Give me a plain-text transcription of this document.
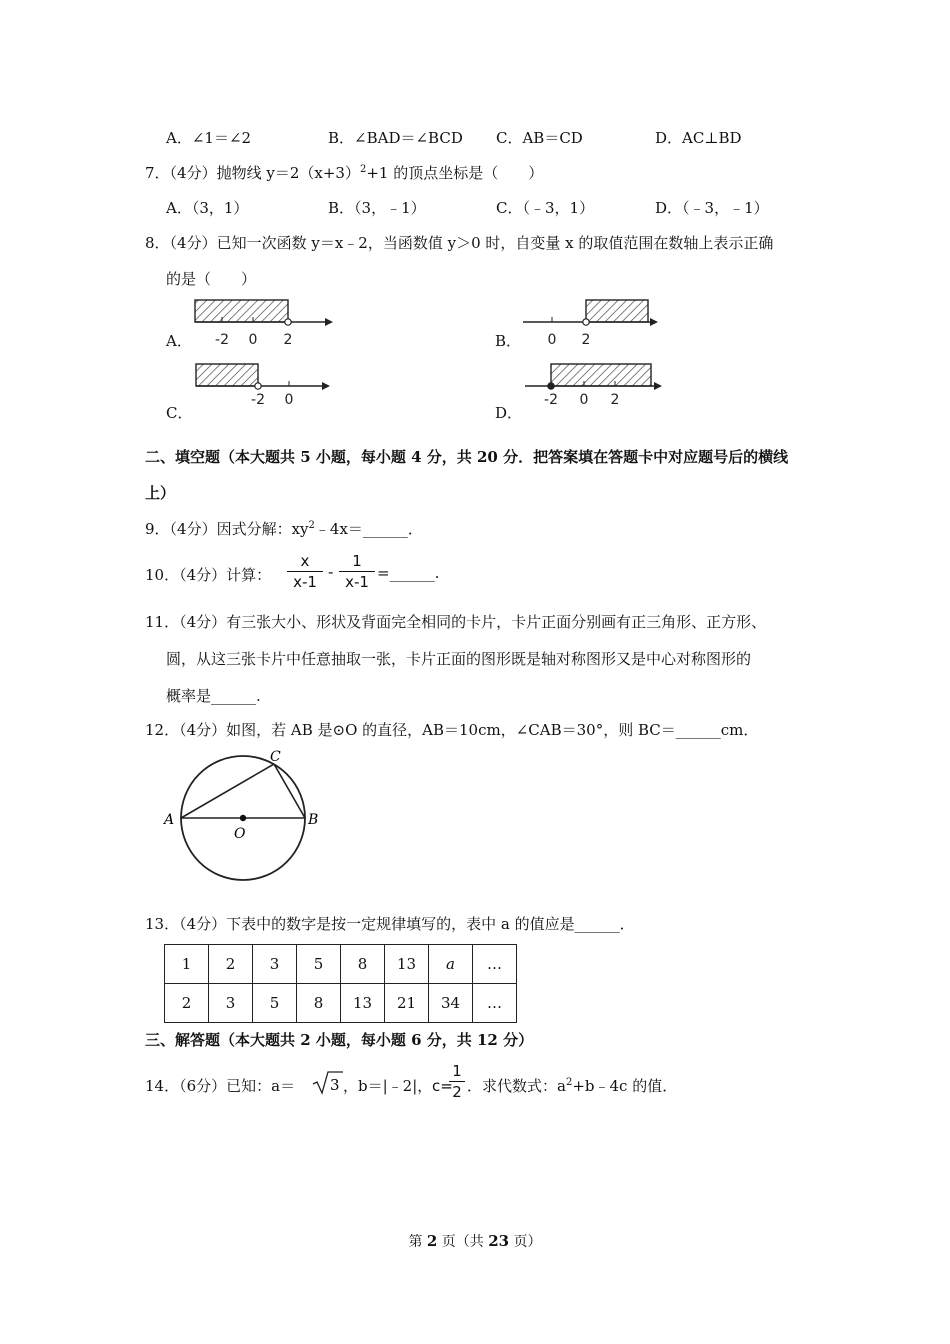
A．∠1＝∠2	B．∠BAD＝∠BCD C．AB＝CD	D．AC⊥BD
7．（4分）抛物线 $y=2(x+3)^2+1$ 的顶点坐标是（　　）
A．（3，1）	B．（3，﹣1）	C．（﹣3，1）	D．（﹣3，﹣1）
8．（4分）已知一次函数 y＝x﹣2，当函数值 y＞0 时，自变量 x 的取值范围在数轴上表示正确
的是（　　）
A． -2 0 2	B． 0 2
C．
-2 0
D．
-2 0 2
二、填空题（本大题共 5 小题，每小题 4 分，共 20 分．把答案填在答题卡中对应题号后的横线
上）
9．（4分）因式分解：$xy^2﹣4x=\_\_\_\_\_\_$．
10．（4分）计算： $\frac{x}{x-1} - \frac{1}{x-1}$ =______.
11．（4分）有三张大小、形状及背面完全相同的卡片，卡片正面分别画有正三角形、正方形、
圆，从这三张卡片中任意抽取一张，卡片正面的图形既是轴对称图形又是中心对称图形的
概率是______.
12．（4分）如图，若 AB 是⊙O 的直径，AB＝10cm，∠CAB＝30°，则 BC＝______cm．
A	B
C
O
13．（4分）下表中的数字是按一定规律填写的，表中 a 的值应是______．
1	2	3	5	8	13	a	…
2	3	5	8	13	21	34	…
三、解答题（本大题共 2 小题，每小题 6 分，共 12 分）
14．（6分）已知：a＝ 3 ，b＝|﹣2|， c=
$\frac{1}{2}$ ．求代数式：$a^2+b﹣4c$ 的值．
第 2 页（共 23 页）
